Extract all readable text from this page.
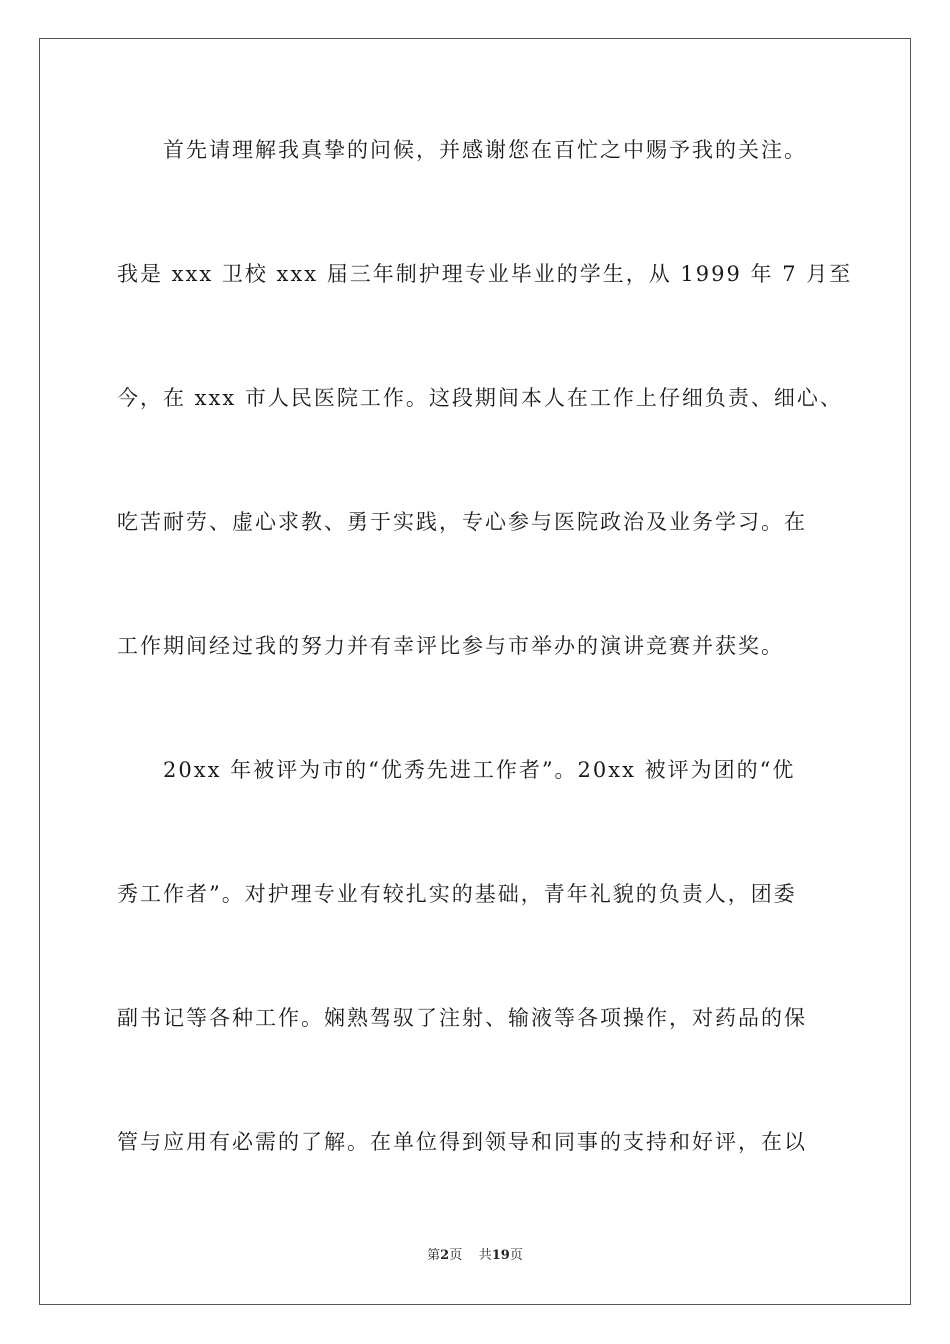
首先请理解我真挚的问候，并感谢您在百忙之中赐予我的关注。
我是 xxx 卫校 xxx 届三年制护理专业毕业的学生，从 1999 年 7 月至
今，在 xxx 市人民医院工作。这段期间本人在工作上仔细负责、细心、
吃苦耐劳、虚心求教、勇于实践，专心参与医院政治及业务学习。在
工作期间经过我的努力并有幸评比参与市举办的演讲竞赛并获奖。
20xx 年被评为市的“优秀先进工作者”。20xx 被评为团的“优
秀工作者”。对护理专业有较扎实的基础，青年礼貌的负责人，团委
副书记等各种工作。娴熟驾驭了注射、输液等各项操作，对药品的保
管与应用有必需的了解。在单位得到领导和同事的支持和好评，在以
第2页 共19页
